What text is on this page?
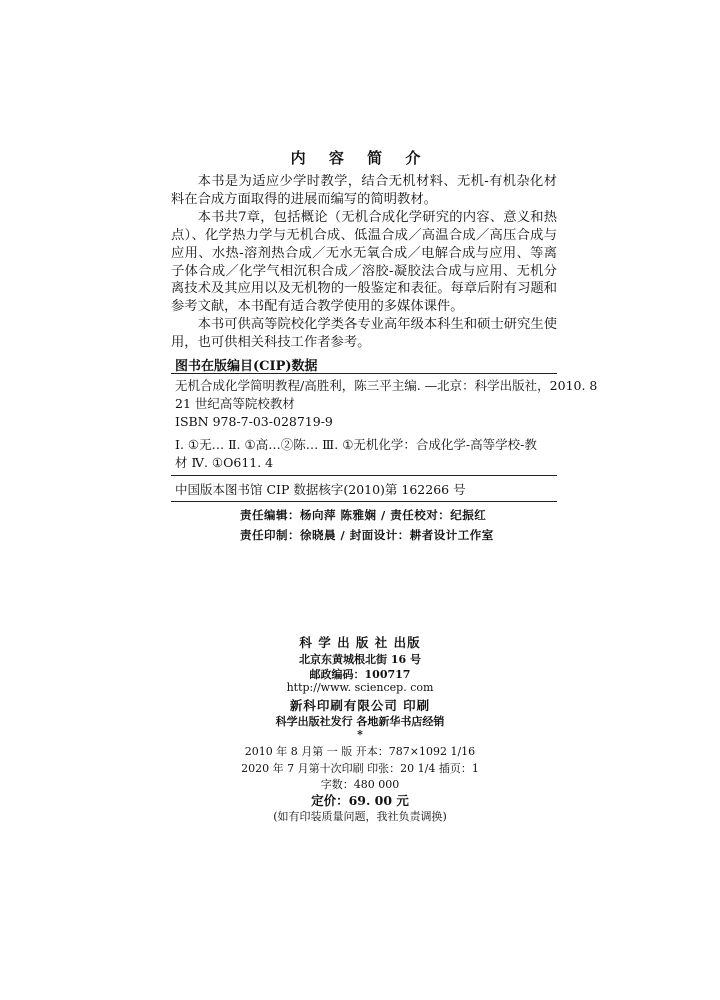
内 容 简 介

本书是为适应少学时教学，结合无机材料、无机-有机杂化材料在合成方面取得的进展而编写的简明教材。

本书共7章，包括概论（无机合成化学研究的内容、意义和热点）、化学热力学与无机合成、低温合成／高温合成／高压合成与应用、水热-溶剂热合成／无水无氧合成／电解合成与应用、等离子体合成／化学气相沉积合成／溶胶-凝胶法合成与应用、无机分离技术及其应用以及无机物的一般鉴定和表征。每章后附有习题和参考文献，本书配有适合教学使用的多媒体课件。

本书可供高等院校化学类各专业高年级本科生和硕士研究生使用，也可供相关科技工作者参考。

图书在版编目(CIP)数据
无机合成化学简明教程/高胜利，陈三平主编. —北京：科学出版社，2010. 8
21 世纪高等院校教材
ISBN 978-7-03-028719-9
Ⅰ. ①无… Ⅱ. ①高…②陈… Ⅲ. ①无机化学：合成化学-高等学校-教
材 Ⅳ. ①O611. 4
中国版本图书馆 CIP 数据核字(2010)第 162266 号
责任编辑：杨向萍 陈雅娴 / 责任校对：纪振红
责任印制：徐晓晨 / 封面设计：耕者设计工作室
科 学 出 版 社 出版
北京东黄城根北街 16 号
邮政编码：100717
http://www. sciencep. com
新科印刷有限公司 印刷
科学出版社发行 各地新华书店经销
*
2010 年 8 月第 一 版 开本：787×1092 1/16
2020 年 7 月第十次印刷 印张：20 1/4 插页：1
字数：480 000
定价：69. 00 元
(如有印装质量问题，我社负责调换)
